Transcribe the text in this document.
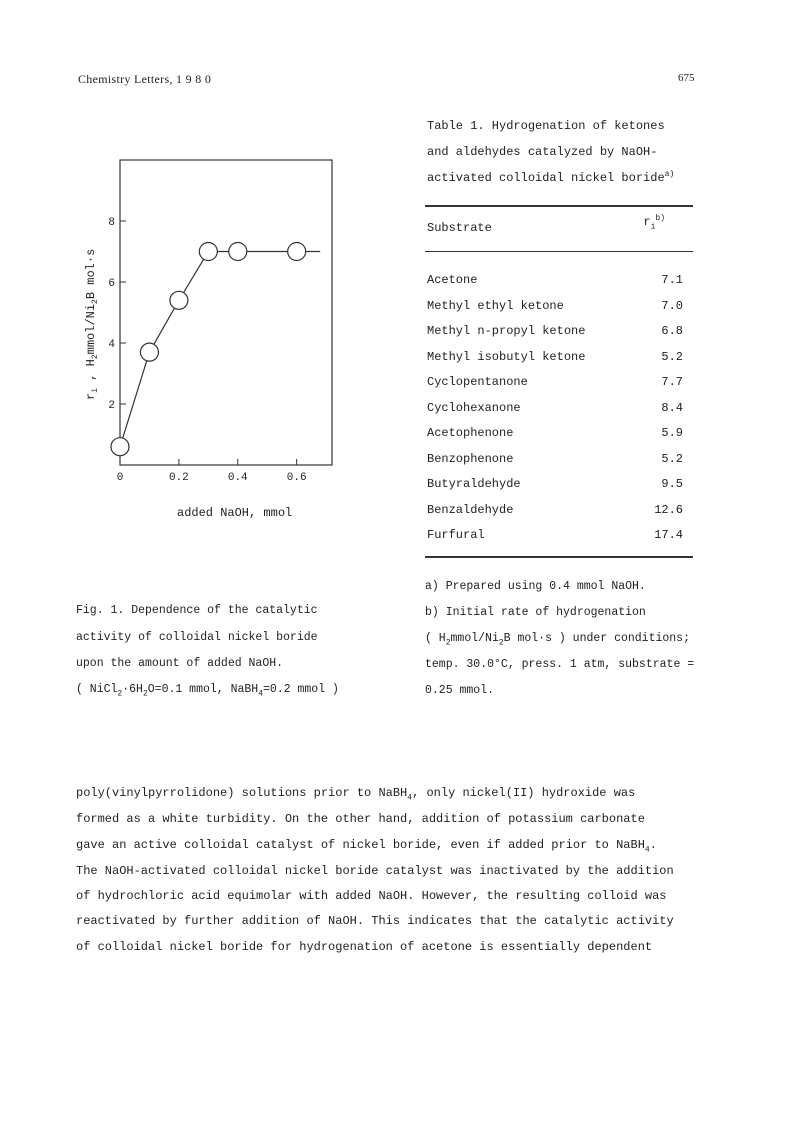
Chemistry Letters, 1 9 8 0	675
0	0.2	0.4	0.6
2
4
6
8
$r_i$ , $H_2mmol/Ni_2B$ mol·s
added NaOH, mmol
Fig. 1. Dependence of the catalytic
activity of colloidal nickel boride
upon the amount of added NaOH.
( $NiCl_2\cdot 6H_2O=0.1$ mmol, NaBH$_4$=0.2 mmol )
Table 1. Hydrogenation of ketones
and aldehydes catalyzed by NaOH-
activated colloidal nickel boride$^{a)}$
Substrate	$r_i^{b)}$
Acetone	7.1
Methyl ethyl ketone	7.0
Methyl n-propyl ketone	6.8
Methyl isobutyl ketone	5.2
Cyclopentanone	7.7
Cyclohexanone	8.4
Acetophenone	5.9
Benzophenone	5.2
Butyraldehyde	9.5
Benzaldehyde	12.6
Furfural	17.4
a) Prepared using 0.4 mmol NaOH.
b) Initial rate of hydrogenation
( $H_2mmol/Ni_2B$ mol·s ) under conditions;
temp. 30.0°C, press. 1 atm, substrate =
0.25 mmol.
poly(vinylpyrrolidone) solutions prior to NaBH$_4$, only nickel(II) hydroxide was
formed as a white turbidity. On the other hand, addition of potassium carbonate
gave an active colloidal catalyst of nickel boride, even if added prior to NaBH$_4$.
The NaOH-activated colloidal nickel boride catalyst was inactivated by the addition
of hydrochloric acid equimolar with added NaOH. However, the resulting colloid was
reactivated by further addition of NaOH. This indicates that the catalytic activity
of colloidal nickel boride for hydrogenation of acetone is essentially dependent
